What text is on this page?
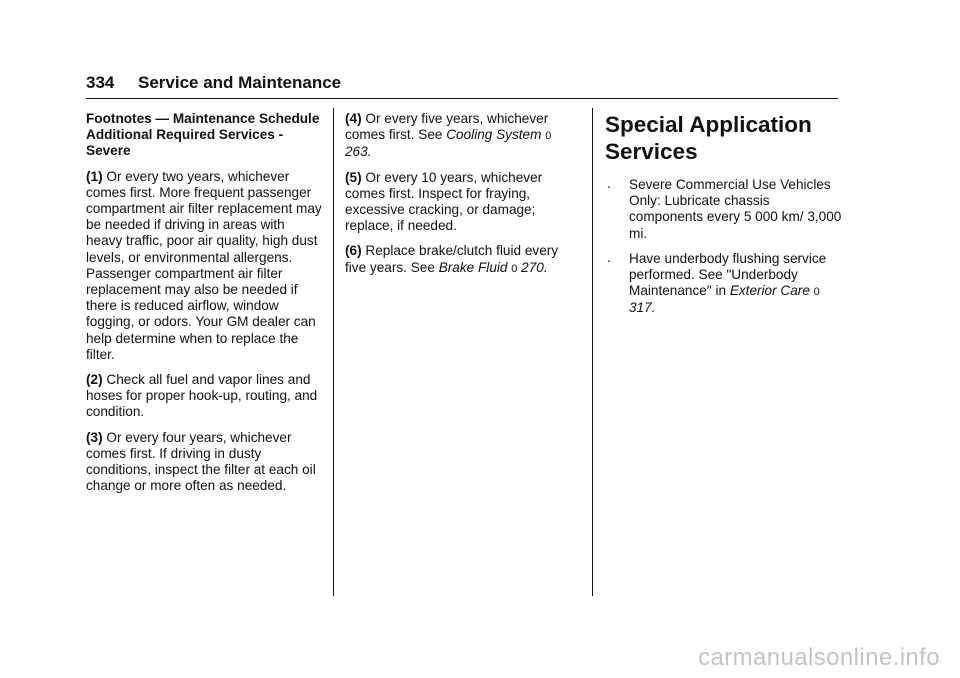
334 Service and Maintenance

Footnotes — Maintenance Schedule Additional Required Services - Severe

(1) Or every two years, whichever comes first. More frequent passenger compartment air filter replacement may be needed if driving in areas with heavy traffic, poor air quality, high dust levels, or environmental allergens. Passenger compartment air filter replacement may also be needed if there is reduced airflow, window fogging, or odors. Your GM dealer can help determine when to replace the filter.

(2) Check all fuel and vapor lines and hoses for proper hook-up, routing, and condition.

(3) Or every four years, whichever comes first. If driving in dusty conditions, inspect the filter at each oil change or more often as needed.

(4) Or every five years, whichever comes first. See Cooling System 0 263.

(5) Or every 10 years, whichever comes first. Inspect for fraying, excessive cracking, or damage; replace, if needed.

(6) Replace brake/clutch fluid every five years. See Brake Fluid 0 270.

Special Application Services
. Severe Commercial Use Vehicles Only: Lubricate chassis components every 5 000 km/ 3,000 mi.
. Have underbody flushing service performed. See "Underbody Maintenance" in Exterior Care 0 317.
carmanualsonline.info
